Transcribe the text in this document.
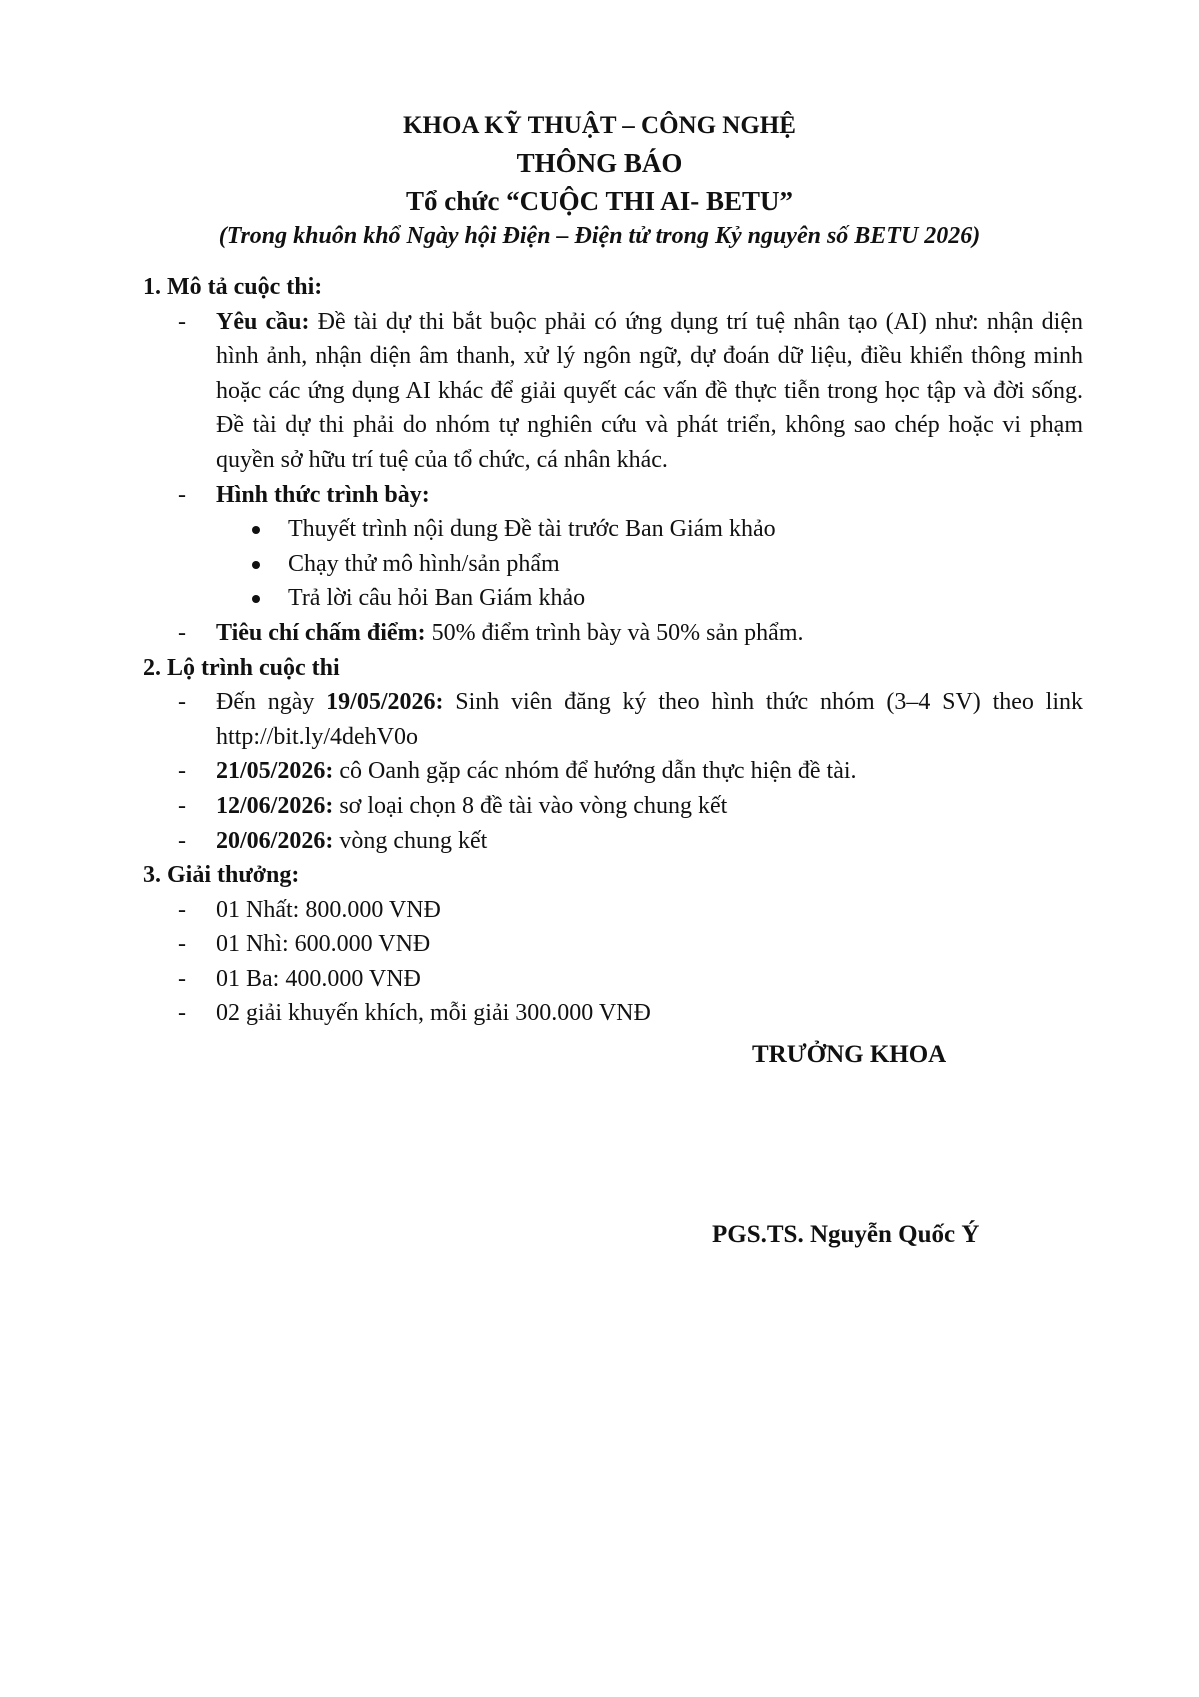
KHOA KỸ THUẬT – CÔNG NGHỆ
THÔNG BÁO
Tổ chức “CUỘC THI AI- BETU”
(Trong khuôn khổ Ngày hội Điện – Điện tử trong Kỷ nguyên số BETU 2026)
1. Mô tả cuộc thi:
- Yêu cầu: Đề tài dự thi bắt buộc phải có ứng dụng trí tuệ nhân tạo (AI) như: nhận diện hình ảnh, nhận diện âm thanh, xử lý ngôn ngữ, dự đoán dữ liệu, điều khiển thông minh hoặc các ứng dụng AI khác để giải quyết các vấn đề thực tiễn trong học tập và đời sống. Đề tài dự thi phải do nhóm tự nghiên cứu và phát triển, không sao chép hoặc vi phạm quyền sở hữu trí tuệ của tổ chức, cá nhân khác.
- Hình thức trình bày:
Thuyết trình nội dung Đề tài trước Ban Giám khảo
Chạy thử mô hình/sản phẩm
Trả lời câu hỏi Ban Giám khảo
- Tiêu chí chấm điểm: 50% điểm trình bày và 50% sản phẩm.
2. Lộ trình cuộc thi
- Đến ngày 19/05/2026: Sinh viên đăng ký theo hình thức nhóm (3–4 SV) theo link http://bit.ly/4dehV0o
- 21/05/2026: cô Oanh gặp các nhóm để hướng dẫn thực hiện đề tài.
- 12/06/2026: sơ loại chọn 8 đề tài vào vòng chung kết
- 20/06/2026: vòng chung kết
3. Giải thưởng:
- 01 Nhất: 800.000 VNĐ
- 01 Nhì: 600.000 VNĐ
- 01 Ba: 400.000 VNĐ
- 02 giải khuyến khích, mỗi giải 300.000 VNĐ
TRƯỞNG KHOA
PGS.TS. Nguyễn Quốc Ý
